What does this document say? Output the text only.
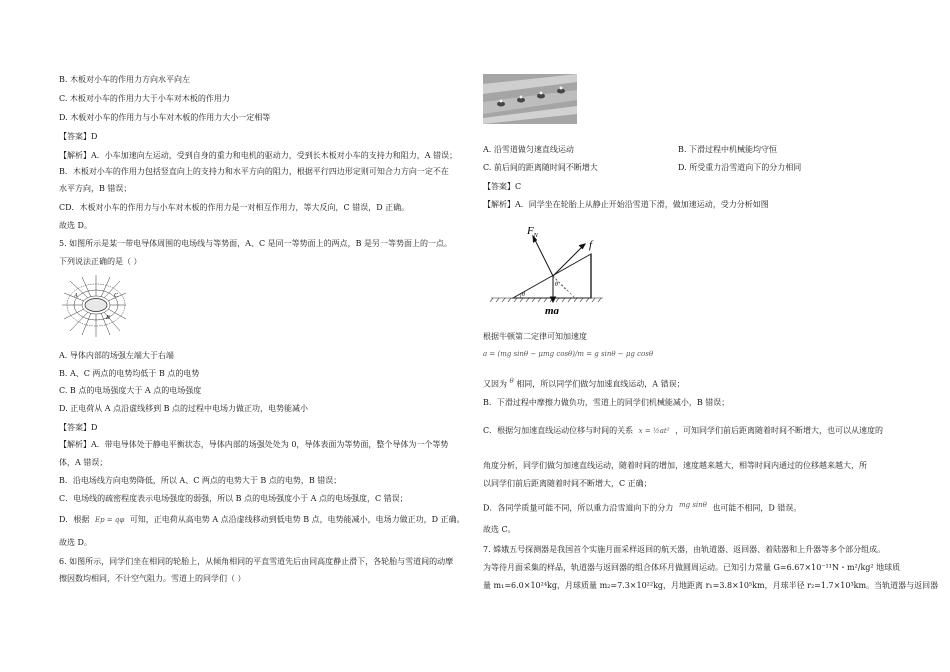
B. 木板对小车的作用力方向水平向左

C. 木板对小车的作用力大于小车对木板的作用力

D. 木板对小车的作用力与小车对木板的作用力大小一定相等

【答案】D

【解析】A．小车加速向左运动，受到自身的重力和电机的驱动力，受到长木板对小车的支持力和阻力，A 错误；

B．木板对小车的作用力包括竖直向上的支持力和水平方向的阻力，根据平行四边形定则可知合力方向一定不在

水平方向，B 错误；

CD．木板对小车的作用力与小车对木板的作用力是一对相互作用力，等大反向，C 错误，D 正确。

故选 D。

5. 如图所示是某一带电导体周围的电场线与等势面，A、C 是同一等势面上的两点，B 是另一等势面上的一点。

下列说法正确的是（ ）

A
B
C

A. 导体内部的场强左端大于右端

B. A、C 两点的电势均低于 B 点的电势

C. B 点的电场强度大于 A 点的电场强度

D. 正电荷从 A 点沿虚线移到 B 点的过程中电场力做正功，电势能减小

【答案】D

【解析】A．带电导体处于静电平衡状态，导体内部的场强处处为 0，导体表面为等势面，整个导体为一个等势

体，A 错误；

B．沿电场线方向电势降低，所以 A、C 两点的电势大于 B 点的电势，B 错误；

C．电场线的疏密程度表示电场强度的弱强，所以 B 点的电场强度小于 A 点的电场强度，C 错误；

D．根据 Ep = qφ 可知，正电荷从高电势 A 点沿虚线移动到低电势 B 点，电势能减小，电场力做正功，D 正确。

故选 D。

6. 如图所示，同学们坐在相同的轮胎上，从倾角相同的平直雪道先后由同高度静止滑下，各轮胎与雪道间的动摩

擦因数均相同，不计空气阻力。雪道上的同学们（ ）

A. 沿雪道做匀速直线运动	B. 下滑过程中机械能均守恒

C. 前后间的距离随时间不断增大	D. 所受重力沿雪道向下的分力相同

【答案】C

【解析】A．同学坐在轮胎上从静止开始沿雪道下滑，做加速运动，受力分析如图

$F_N$
f
mg
θ
θ

根据牛顿第二定律可知加速度

a = (mg sinθ − μmg cosθ)/m = g sinθ − μg cosθ

又因为 θ 相同，所以同学们做匀加速直线运动，A 错误；

B．下滑过程中摩擦力做负功，雪道上的同学们机械能减小，B 错误；

C．根据匀加速直线运动位移与时间的关系 x = ½at² ，可知同学们前后距离随着时间不断增大，也可以从速度的

角度分析，同学们做匀加速直线运动，随着时间的增加，速度越来越大，相等时间内通过的位移越来越大，所

以同学们前后距离随着时间不断增大，C 正确；

D．各同学质量可能不同，所以重力沿雪道向下的分力 mg sinθ 也可能不相同，D 错误。

故选 C。

7. 嫦娥五号探测器是我国首个实施月面采样返回的航天器，由轨道器、返回器、着陆器和上升器等多个部分组成。

为等待月面采集的样品，轨道器与返回器的组合体环月做圆周运动。已知引力常量 G=6.67×10⁻¹¹N・m²/kg² 地球质

量 m₁=6.0×10²⁴kg，月球质量 m₂=7.3×10²²kg，月地距离 r₁=3.8×10⁵km，月球半径 r₂=1.7×10³km。当轨道器与返回器
